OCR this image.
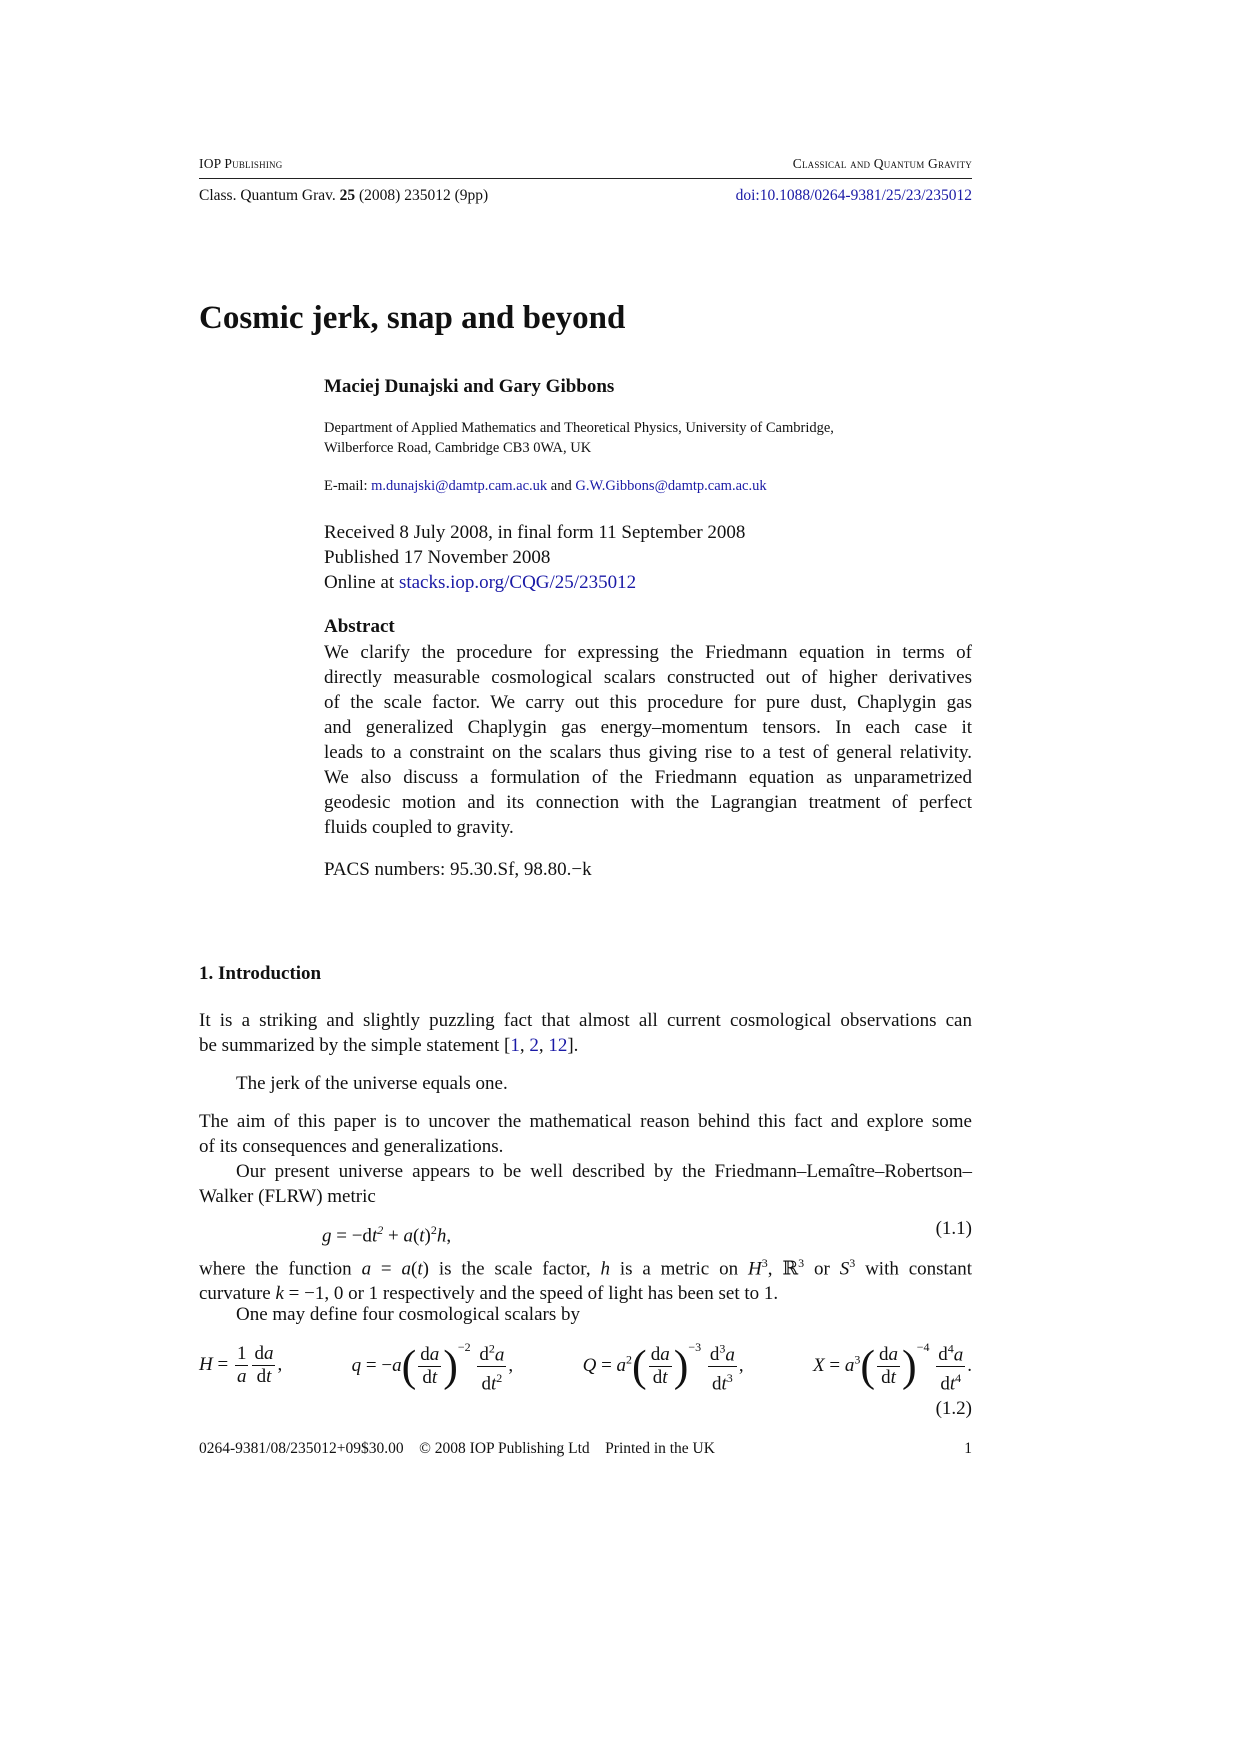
IOP Publishing	Classical and Quantum Gravity
Class. Quantum Grav. 25 (2008) 235012 (9pp)	doi:10.1088/0264-9381/25/23/235012
Cosmic jerk, snap and beyond
Maciej Dunajski and Gary Gibbons
Department of Applied Mathematics and Theoretical Physics, University of Cambridge,
Wilberforce Road, Cambridge CB3 0WA, UK
E-mail: m.dunajski@damtp.cam.ac.uk and G.W.Gibbons@damtp.cam.ac.uk
Received 8 July 2008, in final form 11 September 2008
Published 17 November 2008
Online at stacks.iop.org/CQG/25/235012
Abstract
We clarify the procedure for expressing the Friedmann equation in terms of
directly measurable cosmological scalars constructed out of higher derivatives
of the scale factor. We carry out this procedure for pure dust, Chaplygin gas
and generalized Chaplygin gas energy–momentum tensors. In each case it
leads to a constraint on the scalars thus giving rise to a test of general relativity.
We also discuss a formulation of the Friedmann equation as unparametrized
geodesic motion and its connection with the Lagrangian treatment of perfect
fluids coupled to gravity.
PACS numbers: 95.30.Sf, 98.80.−k
1. Introduction
It is a striking and slightly puzzling fact that almost all current cosmological observations can
be summarized by the simple statement [1, 2, 12].
The jerk of the universe equals one.
The aim of this paper is to uncover the mathematical reason behind this fact and explore some
of its consequences and generalizations.
Our present universe appears to be well described by the Friedmann–Lemaître–Robertson–
Walker (FLRW) metric
$g = -dt^2 + a(t)^2h$,	(1.1)
where the function a = a(t) is the scale factor, h is a metric on $H^3$, ℝ$^3$ or $S^3$ with constant
curvature k = −1, 0 or 1 respectively and the speed of light has been set to 1.
One may define four cosmological scalars by
$H = \frac{1}{a} \frac{da}{dt}$ ,	$q = -a( \frac{da}{dt} )^{-2} \frac{d^2a}{dt^2}$ ,	$Q = a^2( \frac{da}{dt} )^{-3} \frac{d^3a}{dt^3}$ ,	$X = a^3( \frac{da}{dt} )^{-4} \frac{d^4a}{dt^4}$ .
(1.2)
0264-9381/08/235012+09$30.00    © 2008 IOP Publishing Ltd    Printed in the UK	1
